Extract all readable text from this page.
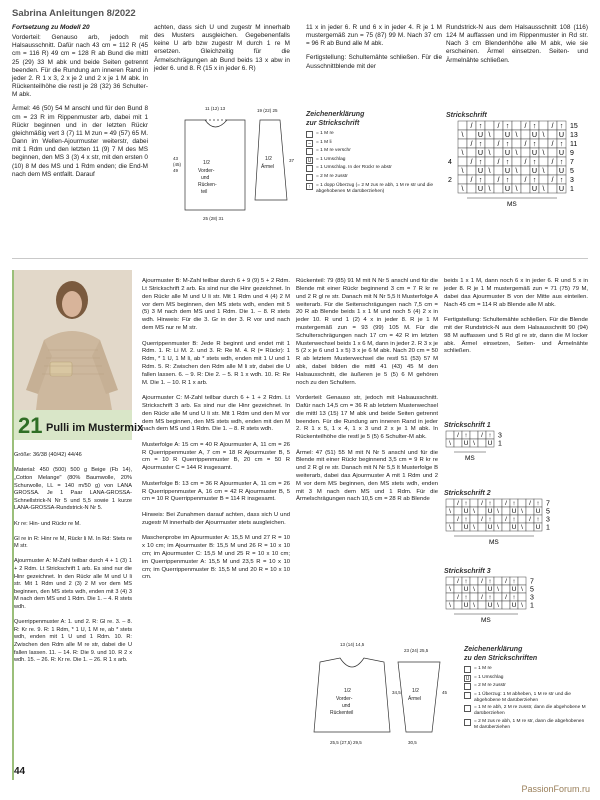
Sabrina Anleitungen 8/2022
Fortsetzung zu Modell 20

Vorderteil: Genauso arb, jedoch mit Halsausschnitt. Dafür nach 43 cm = 112 R (45 cm = 116 R) 49 cm = 128 R ab Bund die mittl 25 (29) 33 M abk und beide Seiten getrennt beenden. Für die Rundung am inneren Rand in jeder 2. R 1 x 3, 2 x je 2 und 2 x je 1 M abk. In Rückenteilhöhe die restl je 28 (32) 36 Schulter-M abk.

Ärmel: 46 (50) 54 M anschl und für den Bund 8 cm = 23 R im Rippenmuster arb, dabei mit 1 Rückr beginnen und in der letzten Rückr gleichmäßig vert 3 (7) 11 M zun = 49 (57) 65 M. Dann im Wellen-Ajourmuster weiterstr, dabei mit 1 Rdm und den letzten 11 (9) 7 M des MS beginnen, den MS 3 (3) 4 x str, mit den ersten 0 (10) 8 M des MS und 1 Rdm enden; die End-M nach dem MS entfallt. Darauf

achten, dass sich U und zugestr M innerhalb des Musters ausgleichen. Gegebenenfalls keine U arb bzw zugestr M durch 1 re M ersetzen. Gleichzeitig für die Ärmelschrägungen ab Bund beids 13 x abw in jeder 6. und 8. R (15 x in jeder 6. R)

1/2
Vorder-
und
Rücken-
teil
1/2
Ärmel
25 (28) 31
43
(45)
49
37
11 (12) 13	19 (22) 25

11 x in jeder 6. R und 6 x in jeder 4. R je 1 M mustergemäß zun = 75 (87) 99 M. Nach 37 cm = 96 R ab Bund alle M abk.

Fertigstellung: Schultemähte schließen. Für die Ausschnittblende mit der

Zeichenerklärung
zur Strickschrift
= 1 M re
–	= 1 M li
= 1 M re verschr
U = 1 Umschlag
= 1 Umschlag. In der Rückr re abstr
= 2 M re zusstr
↑	= 1 dopp Überzug (= 2 M zus re abh, 1 M re str und die abgehobenen M darüberziehen)

Rundstrick-N aus dem Halsausschnitt 108 (116) 124 M auffassen und im Rippenmuster in Rd str. Nach 3 cm Blendenhöhe alle M abk, wie sie erscheinen. Ärmel einsetzen. Seiten- und Ärmelnähte schließen.

Strickschrift
/ ↑ / ↑ / ↑ / ↑ 15
\ U \ U \ U \ U 13
/ ↑ / ↑ / ↑ / ↑ 11
\ U \ U \ U \ U 9
/ ↑ / ↑ / ↑ / ↑ 7
\ U \ U \ U \ U 5
/ ↑ / ↑ / ↑ / ↑ 3
\ U \ U \ U \ U 1
4
2
MS
21 Pulli im Mustermix

Größe: 36/38 (40/42) 44/46

Material: 450 (500) 500 g Beige (Fb 14), „Cotton Melange" (80% Baumwolle, 20% Schurwolle, LL = 140 m/50 g) von LANA GROSSA. Je 1 Paar LANA-GROSSA-Schnellstrick-N Nr 5 und 5,5 sowie 1 kurze LANA-GROSSA-Rundstrick-N Nr 5.

Kr re: Hin- und Rückr re M.

Gl re in R: Hinr re M, Rückr li M. In Rd: Stets re M str.

Ajourmuster A: M-Zahl teilbar durch 4 + 1 (3) 1 + 2 Rdm. Lt Strickschrift 1 arb. Es sind nur die Hinr gezeichnet. In den Rückr alle M und U li str. Mit 1 Rdm und 2 (3) 2 M vor dem MS beginnen, den MS stets wdh, enden mit 3 (4) 3 M nach dem MS und 1 Rdm. Die 1. – 4. R stets wdh.

Querrippenmuster A: 1. und 2. R: Gl re. 3. – 8. R: Kr re. 9. R: 1 Rdm, * 1 U, 1 M re, ab * stets wdh, enden mit 1 U und 1 Rdm. 10. R: Zwischen den Rdm alle M re str, dabei die U fallen lassen. 11. – 14. R: Die 9. und 10. R 2 x wdh. 15. – 26. R: Kr re. Die 1. – 26. R 1 x arb.

Ajourmuster B: M-Zahl teilbar durch 6 + 9 (9) 5 + 2 Rdm. Lt Strickschrift 2 arb. Es sind nur die Hinr gezeichnet. In den Rückr alle M und U li str. Mit 1 Rdm und 4 (4) 2 M vor dem MS beginnen, den MS stets wdh, enden mit 5 (5) 3 M nach dem MS und 1 Rdm. Die 1. – 8. R stets wdh. Hinweis: Für die 3. Gr in der 3. R vor und nach dem MS nur re M str.

Querrippenmuster B: Jede R beginnt und endet mit 1 Rdm. 1. R: Li M. 2. und 3. R: Re M. 4. R (= Rückr): 1 Rdm, * 1 U, 1 M li, ab * stets wdh, enden mit 1 U und 1 Rdm. 5. R: Zwischen den Rdm alle M li str, dabei die U fallen lassen. 6. – 9. R: Die 2. – 5. R 1 x wdh. 10. R: Re M. Die 1. – 10. R 1 x arb.

Ajourmuster C: M-Zahl teilbar durch 6 + 1 + 2 Rdm. Lt Strickschrift 3 arb. Es sind nur die Hinr gezeichnet. In den Rückr alle M und U li str. Mit 1 Rdm und den M vor dem MS beginnen, den MS stets wdh, enden mit den M nach dem MS und 1 Rdm. Die 1. – 8. R stets wdh.

Musterfolge A: 15 cm = 40 R Ajourmuster A, 11 cm = 26 R Querrippenmuster A, 7 cm = 18 R Ajourmuster B, 5 cm = 10 R Querrippenmuster B, 20 cm = 50 R Ajourmuster C = 144 R insgesamt.

Musterfolge B: 13 cm = 36 R Ajourmuster A, 11 cm = 26 R Querrippenmuster A, 16 cm = 42 R Ajourmuster B, 5 cm = 10 R Querrippenmuster B = 114 R insgesamt.

Hinweis: Bei Zunahmen darauf achten, dass sich U und zugestr M innerhalb der Ajourmuster stets ausgleichen.

Maschenprobe im Ajourmuster A: 15,5 M und 27 R = 10 x 10 cm; im Ajourmuster B: 15,5 M und 26 R = 10 x 10 cm; im Ajourmuster C: 15,5 M und 25 R = 10 x 10 cm; im Querrippenmuster A: 15,5 M und 23,5 R = 10 x 10 cm; im Querrippenmuster B: 15,5 M und 20 R = 10 x 10 cm.

Rückenteil: 79 (85) 91 M mit N Nr 5 anschl und für die Blende mit einer Rückr beginnend 3 cm = 7 R kr re und 2 R gl re str. Danach mit N Nr 5,5 lt Musterfolge A weiterarb. Für die Seitenschrägungen nach 7,5 cm = 20 R ab Blende beids 1 x 1 M und noch 5 (4) 2 x in jeder 10. R und 1 (2) 4 x in jeder 8. R je 1 M mustergemäß zun = 93 (99) 105 M. Für die Schulterschrägungen nach 17 cm = 42 R im letzten Musterwechsel beids 1 x 6 M, dann in jeder 2. R 3 x je 5 (2 x je 6 und 1 x 5) 3 x je 6 M abk. Nach 20 cm = 50 R ab letztem Musterwechsel die restl 51 (53) 57 M abk, dabei bilden die mittl 41 (43) 45 M den Halsausschnitt, die äußeren je 5 (5) 6 M gehören noch zu den Schultern.

Vorderteil: Genauso str, jedoch mit Halsausschnitt. Dafür nach 14,5 cm = 36 R ab letztem Musterwechsel die mittl 13 (15) 17 M abk und beide Seiten getrennt beenden. Für die Rundung am inneren Rand in jeder 2. R 1 x 5, 1 x 4, 1 x 3 und 2 x je 1 M abk. In Rückenteilhöhe die restl je 5 (5) 6 Schulter-M abk.

Ärmel: 47 (51) 55 M mit N Nr 5 anschl und für die Blende mit einer Rückr beginnend 3,5 cm = 9 R kr re und 2 R gl re str. Danach mit N Nr 5,5 lt Musterfolge B weiterarb, dabei das Ajourmuster A mit 1 Rdm und 2 M vor dem MS beginnen, den MS stets wdh, enden mit 3 M nach dem MS und 1 Rdm. Für die Ärmelschrägungen nach 10,5 cm = 28 R ab Blende

1/2
Vorder-
und
Rückenteil
1/2
Ärmel
25,5 (27,5) 29,5	30,5
13 (14) 14,5
23 (24) 25,5
34,5	45

beids 1 x 1 M, dann noch 6 x in jeder 6. R und 5 x in jeder 8. R je 1 M mustergemäß zun = 71 (75) 79 M, dabei das Ajourmuster B von der Mitte aus einteilen. Nach 45 cm = 114 R ab Blende alle M abk.

Fertigstellung: Schultemähte schließen. Für die Blende mit der Rundstrick-N aus dem Halsausschnitt 90 (94) 98 M auffassen und 5 Rd gl re str, dann die M locker abk. Ärmel einsetzen, Seiten- und Ärmelnähte schließen.

Strickschrift 1
/ ↑ / ↑ 3
\ U \ U 1
MS
Strickschrift 2
/ ↑ / ↑ / ↑ / ↑ 7
\ U \ U \ U \ U 5
/ ↑ / ↑ / ↑ / ↑ 3
\ U \ U \ U \ U 1
MS
Strickschrift 3
/ ↑ / ↑ / ↑ 7
\ U \ U \ U \ 5
/ ↑ / ↑ / ↑ 3
\ U \ U \ U \ 1
MS
Zeichenerklärung
zu den Strickschriften
= 1 M re
U = 1 Umschlag
= 2 M re zusstr
= 1 Überzug: 1 M abheben, 1 M re str und die abgehobene M darüberziehen
= 1 M re abh, 2 M re zusstr, dann die abgehobene M darüberziehen
= 2 M zus re abh, 1 M re str, dann die abgehobenen M darüberziehen
44
PassionForum.ru
